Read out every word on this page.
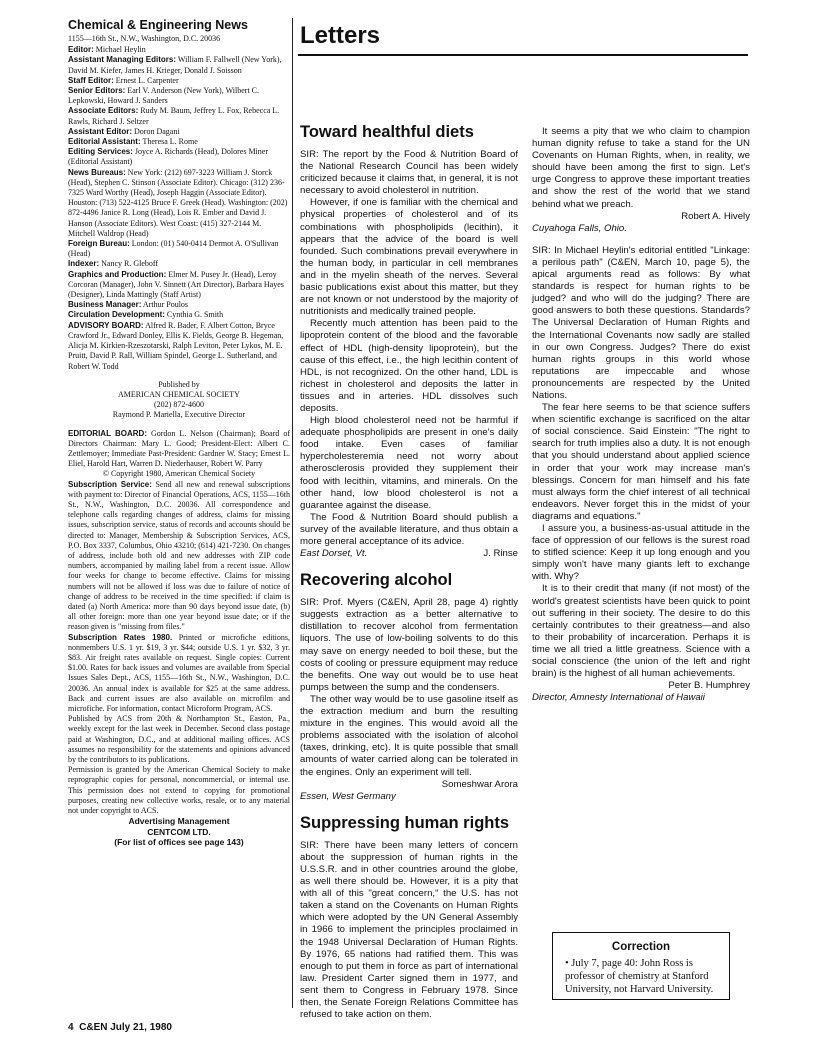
Chemical & Engineering News

1155—16th St., N.W., Washington, D.C. 20036

Editor: Michael Heylin

Assistant Managing Editors: William F. Fallwell (New York), David M. Kiefer, James H. Krieger, Donald J. Soisson

Staff Editor: Ernest L. Carpenter

Senior Editors: Earl V. Anderson (New York), Wilbert C. Lepkowski, Howard J. Sanders

Associate Editors: Rudy M. Baum, Jeffrey L. Fox, Rebecca L. Rawls, Richard J. Seltzer

Assistant Editor: Doron Dagani

Editorial Assistant: Theresa L. Rome

Editing Services: Joyce A. Richards (Head), Dolores Miner (Editorial Assistant)

News Bureaus: New York: (212) 697-3223 William J. Storck (Head), Stephen C. Stinson (Associate Editor). Chicago: (312) 236-7325 Ward Worthy (Head), Joseph Haggin (Associate Editor). Houston: (713) 522-4125 Bruce F. Greek (Head). Washington: (202) 872-4496 Janice R. Long (Head), Lois R. Ember and David J. Hanson (Associate Editors). West Coast: (415) 327-2144 M. Mitchell Waldrop (Head)

Foreign Bureau: London: (01) 540-0414 Dermot A. O'Sullivan (Head)

Indexer: Nancy R. Gleboff

Graphics and Production: Elmer M. Pusey Jr. (Head), Leroy Corcoran (Manager), John V. Sinnett (Art Director), Barbara Hayes (Designer), Linda Mattingly (Staff Artist)

Business Manager: Arthur Poulos

Circulation Development: Cynthia G. Smith

ADVISORY BOARD: Alfred R. Bader, F. Albert Cotton, Bryce Crawford Jr., Edward Donley, Ellis K. Fields, George B. Hegeman, Alicja M. Kirkien-Rzeszotarski, Ralph Leviton, Peter Lykos, M. E. Pruitt, David P. Rall, William Spindel, George L. Sutherland, and Robert W. Todd

Published by

AMERICAN CHEMICAL SOCIETY

(202) 872-4600

Raymond P. Mariella, Executive Director

EDITORIAL BOARD: Gordon L. Nelson (Chairman); Board of Directors Chairman: Mary L. Good; President-Elect: Albert C. Zettlemoyer; Immediate Past-President: Gardner W. Stacy; Ernest L. Eliel, Harold Hart, Warren D. Niederhauser, Robert W. Parry

© Copyright 1980, American Chemical Society

Subscription Service: Send all new and renewal subscriptions with payment to: Director of Financial Operations, ACS, 1155—16th St., N.W., Washington, D.C. 20036. All correspondence and telephone calls regarding changes of address, claims for missing issues, subscription service, status of records and accounts should be directed to: Manager, Membership & Subscription Services, ACS, P.O. Box 3337, Columbus, Ohio 43210; (614) 421-7230. On changes of address, include both old and new addresses with ZIP code numbers, accompanied by mailing label from a recent issue. Allow four weeks for change to become effective. Claims for missing numbers will not be allowed if loss was due to failure of notice of change of address to be received in the time specified: if claim is dated (a) North America: more than 90 days beyond issue date, (b) all other foreign: more than one year beyond issue date; or if the reason given is "missing from files."

Subscription Rates 1980. Printed or microfiche editions, nonmembers U.S. 1 yr. $19, 3 yr. $44; outside U.S. 1 yr. $32, 3 yr. $83. Air freight rates available on request. Single copies: Current $1.00. Rates for back issues and volumes are available from Special Issues Sales Dept., ACS, 1155—16th St., N.W., Washington, D.C. 20036. An annual index is available for $25 at the same address. Back and current issues are also available on microfilm and microfiche. For information, contact Microform Program, ACS.

Published by ACS from 20th & Northampton St., Easton, Pa., weekly except for the last week in December. Second class postage paid at Washington, D.C., and at additional mailing offices. ACS assumes no responsibility for the statements and opinions advanced by the contributors to its publications.

Permission is granted by the American Chemical Society to make reprographic copies for personal, noncommercial, or internal use. This permission does not extend to copying for promotional purposes, creating new collective works, resale, or to any material not under copyright to ACS.

Advertising Management

CENTCOM LTD.

(For list of offices see page 143)

Letters
Toward healthful diets

SIR: The report by the Food & Nutrition Board of the National Research Council has been widely criticized because it claims that, in general, it is not necessary to avoid cholesterol in nutrition.

However, if one is familiar with the chemical and physical properties of cholesterol and of its combinations with phospholipids (lecithin), it appears that the advice of the board is well founded. Such combinations prevail everywhere in the human body, in particular in cell membranes and in the myelin sheath of the nerves. Several basic publications exist about this matter, but they are not known or not understood by the majority of nutritionists and medically trained people.

Recently much attention has been paid to the lipoprotein content of the blood and the favorable effect of HDL (high-density lipoprotein), but the cause of this effect, i.e., the high lecithin content of HDL, is not recognized. On the other hand, LDL is richest in cholesterol and deposits the latter in tissues and in arteries. HDL dissolves such deposits.

High blood cholesterol need not be harmful if adequate phospholipids are present in one's daily food intake. Even cases of familiar hypercholesteremia need not worry about atherosclerosis provided they supplement their food with lecithin, vitamins, and minerals. On the other hand, low blood cholesterol is not a guarantee against the disease.

The Food & Nutrition Board should publish a survey of the available literature, and thus obtain a more general acceptance of its advice.

East Dorset, Vt.	J. Rinse
Recovering alcohol

SIR: Prof. Myers (C&EN, April 28, page 4) rightly suggests extraction as a better alternative to distillation to recover alcohol from fermentation liquors. The use of low-boiling solvents to do this may save on energy needed to boil these, but the costs of cooling or pressure equipment may reduce the benefits. One way out would be to use heat pumps between the sump and the condensers.

The other way would be to use gasoline itself as the extraction medium and burn the resulting mixture in the engines. This would avoid all the problems associated with the isolation of alcohol (taxes, drinking, etc). It is quite possible that small amounts of water carried along can be tolerated in the engines. Only an experiment will tell.

Someshwar Arora

Essen, West Germany

Suppressing human rights

SIR: There have been many letters of concern about the suppression of human rights in the U.S.S.R. and in other countries around the globe, as well there should be. However, it is a pity that with all of this "great concern," the U.S. has not taken a stand on the Covenants on Human Rights which were adopted by the UN General Assembly in 1966 to implement the principles proclaimed in the 1948 Universal Declaration of Human Rights. By 1976, 65 nations had ratified them. This was enough to put them in force as part of international law. President Carter signed them in 1977, and sent them to Congress in February 1978. Since then, the Senate Foreign Relations Committee has refused to take action on them.

It seems a pity that we who claim to champion human dignity refuse to take a stand for the UN Covenants on Human Rights, when, in reality, we should have been among the first to sign. Let's urge Congress to approve these important treaties and show the rest of the world that we stand behind what we preach.

Robert A. Hively

Cuyahoga Falls, Ohio.

SIR: In Michael Heylin's editorial entitled "Linkage: a perilous path" (C&EN, March 10, page 5), the apical arguments read as follows: By what standards is respect for human rights to be judged? and who will do the judging? There are good answers to both these questions. Standards? The Universal Declaration of Human Rights and the International Covenants now sadly are stalled in our own Congress. Judges? There do exist human rights groups in this world whose reputations are impeccable and whose pronouncements are respected by the United Nations.

The fear here seems to be that science suffers when scientific exchange is sacrificed on the altar of social conscience. Said Einstein: "The right to search for truth implies also a duty. It is not enough that you should understand about applied science in order that your work may increase man's blessings. Concern for man himself and his fate must always form the chief interest of all technical endeavors. Never forget this in the midst of your diagrams and equations."

I assure you, a business-as-usual attitude in the face of oppression of our fellows is the surest road to stifled science: Keep it up long enough and you simply won't have many giants left to exchange with. Why?

It is to their credit that many (if not most) of the world's greatest scientists have been quick to point out suffering in their society. The desire to do this certainly contributes to their greatness—and also to their probability of incarceration. Perhaps it is time we all tried a little greatness. Science with a social conscience (the union of the left and right brain) is the highest of all human achievements.

Peter B. Humphrey

Director, Amnesty International of Hawaii

Correction
• July 7, page 40: John Ross is professor of chemistry at Stanford University, not Harvard University.
4 C&EN July 21, 1980
